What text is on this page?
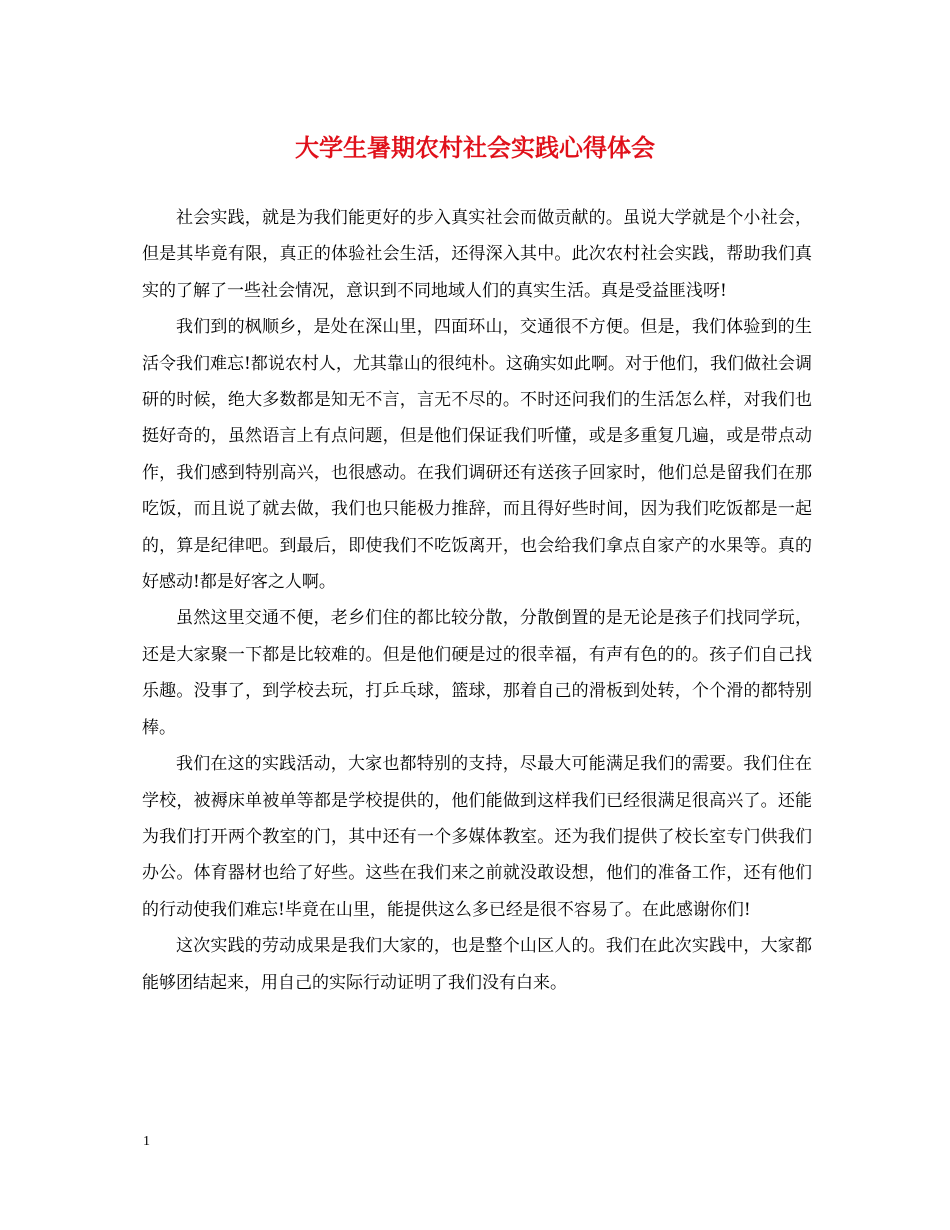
大学生暑期农村社会实践心得体会

社会实践，就是为我们能更好的步入真实社会而做贡献的。虽说大学就是个小社会，但是其毕竟有限，真正的体验社会生活，还得深入其中。此次农村社会实践，帮助我们真实的了解了一些社会情况，意识到不同地域人们的真实生活。真是受益匪浅呀!

我们到的枫顺乡，是处在深山里，四面环山，交通很不方便。但是，我们体验到的生活令我们难忘!都说农村人，尤其靠山的很纯朴。这确实如此啊。对于他们，我们做社会调研的时候，绝大多数都是知无不言，言无不尽的。不时还问我们的生活怎么样，对我们也挺好奇的，虽然语言上有点问题，但是他们保证我们听懂，或是多重复几遍，或是带点动作，我们感到特别高兴，也很感动。在我们调研还有送孩子回家时，他们总是留我们在那吃饭，而且说了就去做，我们也只能极力推辞，而且得好些时间，因为我们吃饭都是一起的，算是纪律吧。到最后，即使我们不吃饭离开，也会给我们拿点自家产的水果等。真的好感动!都是好客之人啊。

虽然这里交通不便，老乡们住的都比较分散，分散倒置的是无论是孩子们找同学玩，还是大家聚一下都是比较难的。但是他们硬是过的很幸福，有声有色的的。孩子们自己找乐趣。没事了，到学校去玩，打乒乓球，篮球，那着自己的滑板到处转，个个滑的都特别棒。

我们在这的实践活动，大家也都特别的支持，尽最大可能满足我们的需要。我们住在学校，被褥床单被单等都是学校提供的，他们能做到这样我们已经很满足很高兴了。还能为我们打开两个教室的门，其中还有一个多媒体教室。还为我们提供了校长室专门供我们办公。体育器材也给了好些。这些在我们来之前就没敢设想，他们的准备工作，还有他们的行动使我们难忘!毕竟在山里，能提供这么多已经是很不容易了。在此感谢你们!

这次实践的劳动成果是我们大家的，也是整个山区人的。我们在此次实践中，大家都能够团结起来，用自己的实际行动证明了我们没有白来。

1
